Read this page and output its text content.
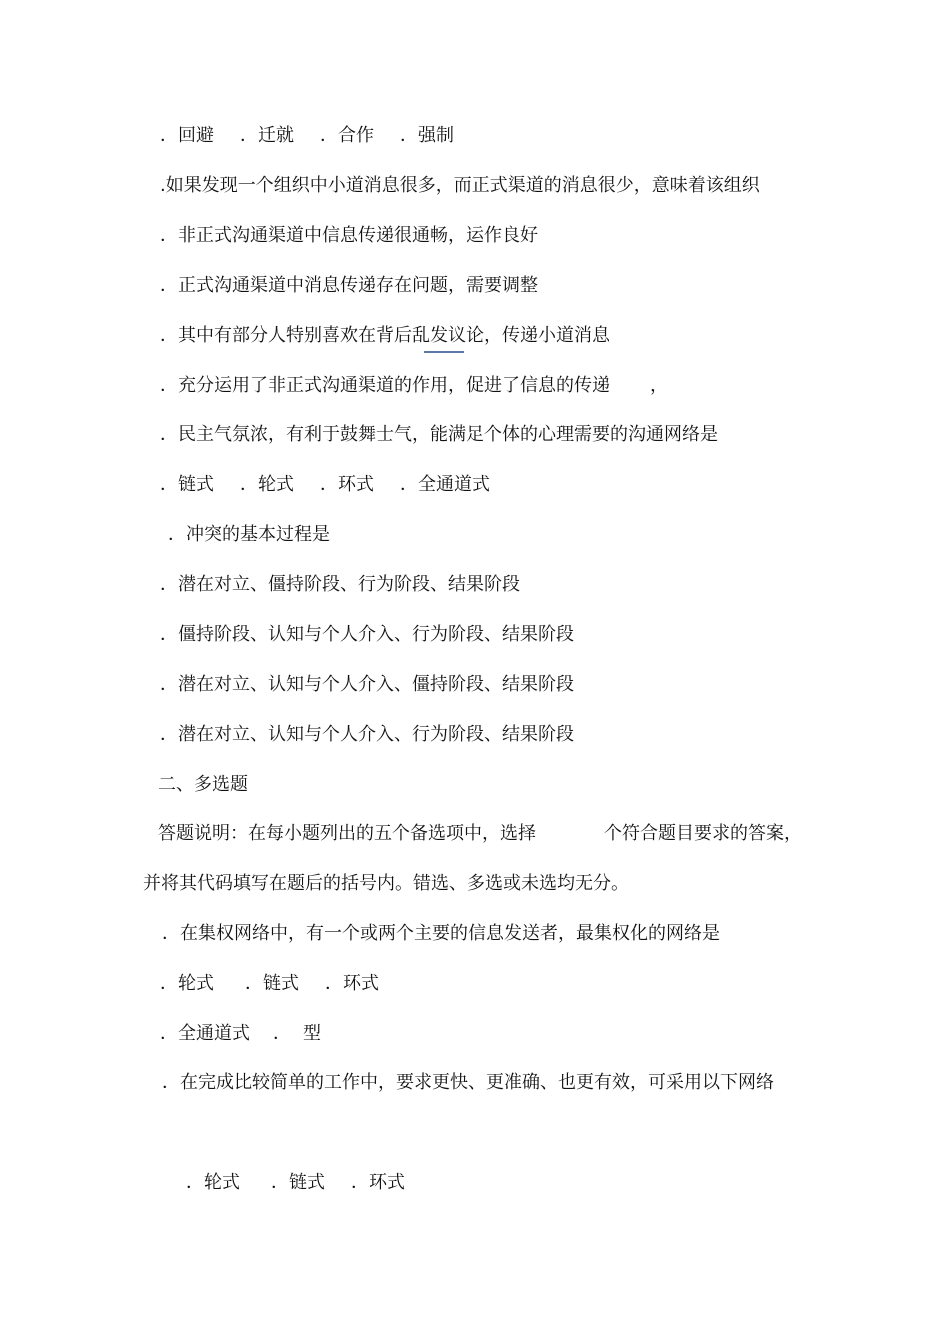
．回避	．迁就	．合作	．强制
.如果发现一个组织中小道消息很多，而正式渠道的消息很少，意味着该组织
．非正式沟通渠道中信息传递很通畅，运作良好
．正式沟通渠道中消息传递存在问题，需要调整
．其中有部分人特别喜欢在背后乱发议论，传递小道消息
．充分运用了非正式沟通渠道的作用，促进了信息的传递 ，
．民主气氛浓，有利于鼓舞士气，能满足个体的心理需要的沟通网络是
．链式	．轮式	．环式	．全通道式
．冲突的基本过程是
．潜在对立、僵持阶段、行为阶段、结果阶段
．僵持阶段、认知与个人介入、行为阶段、结果阶段
．潜在对立、认知与个人介入、僵持阶段、结果阶段
．潜在对立、认知与个人介入、行为阶段、结果阶段
二、多选题
答题说明：在每小题列出的五个备选项中，选择	个符合题目要求的答案，
并将其代码填写在题后的括号内。错选、多选或未选均无分。
．在集权网络中，有一个或两个主要的信息发送者，最集权化的网络是
．轮式	．链式	．环式
．全通道式	． 型
．在完成比较简单的工作中，要求更快、更准确、也更有效，可采用以下网络
．轮式	．链式	．环式
